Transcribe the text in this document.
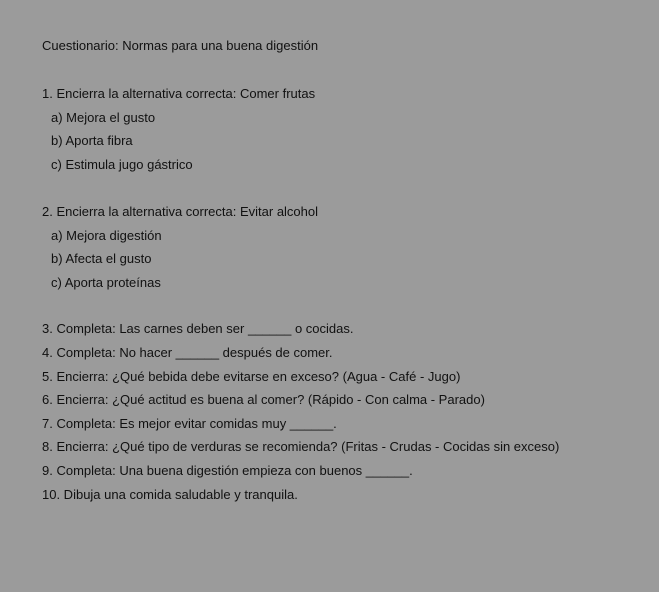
Cuestionario: Normas para una buena digestión
1. Encierra la alternativa correcta: Comer frutas
a) Mejora el gusto
b) Aporta fibra
c) Estimula jugo gástrico
2. Encierra la alternativa correcta: Evitar alcohol
a) Mejora digestión
b) Afecta el gusto
c) Aporta proteínas
3. Completa: Las carnes deben ser ______ o cocidas.
4. Completa: No hacer ______ después de comer.
5. Encierra: ¿Qué bebida debe evitarse en exceso? (Agua - Café - Jugo)
6. Encierra: ¿Qué actitud es buena al comer? (Rápido - Con calma - Parado)
7. Completa: Es mejor evitar comidas muy ______.
8. Encierra: ¿Qué tipo de verduras se recomienda? (Fritas - Crudas - Cocidas sin exceso)
9. Completa: Una buena digestión empieza con buenos ______.
10. Dibuja una comida saludable y tranquila.
